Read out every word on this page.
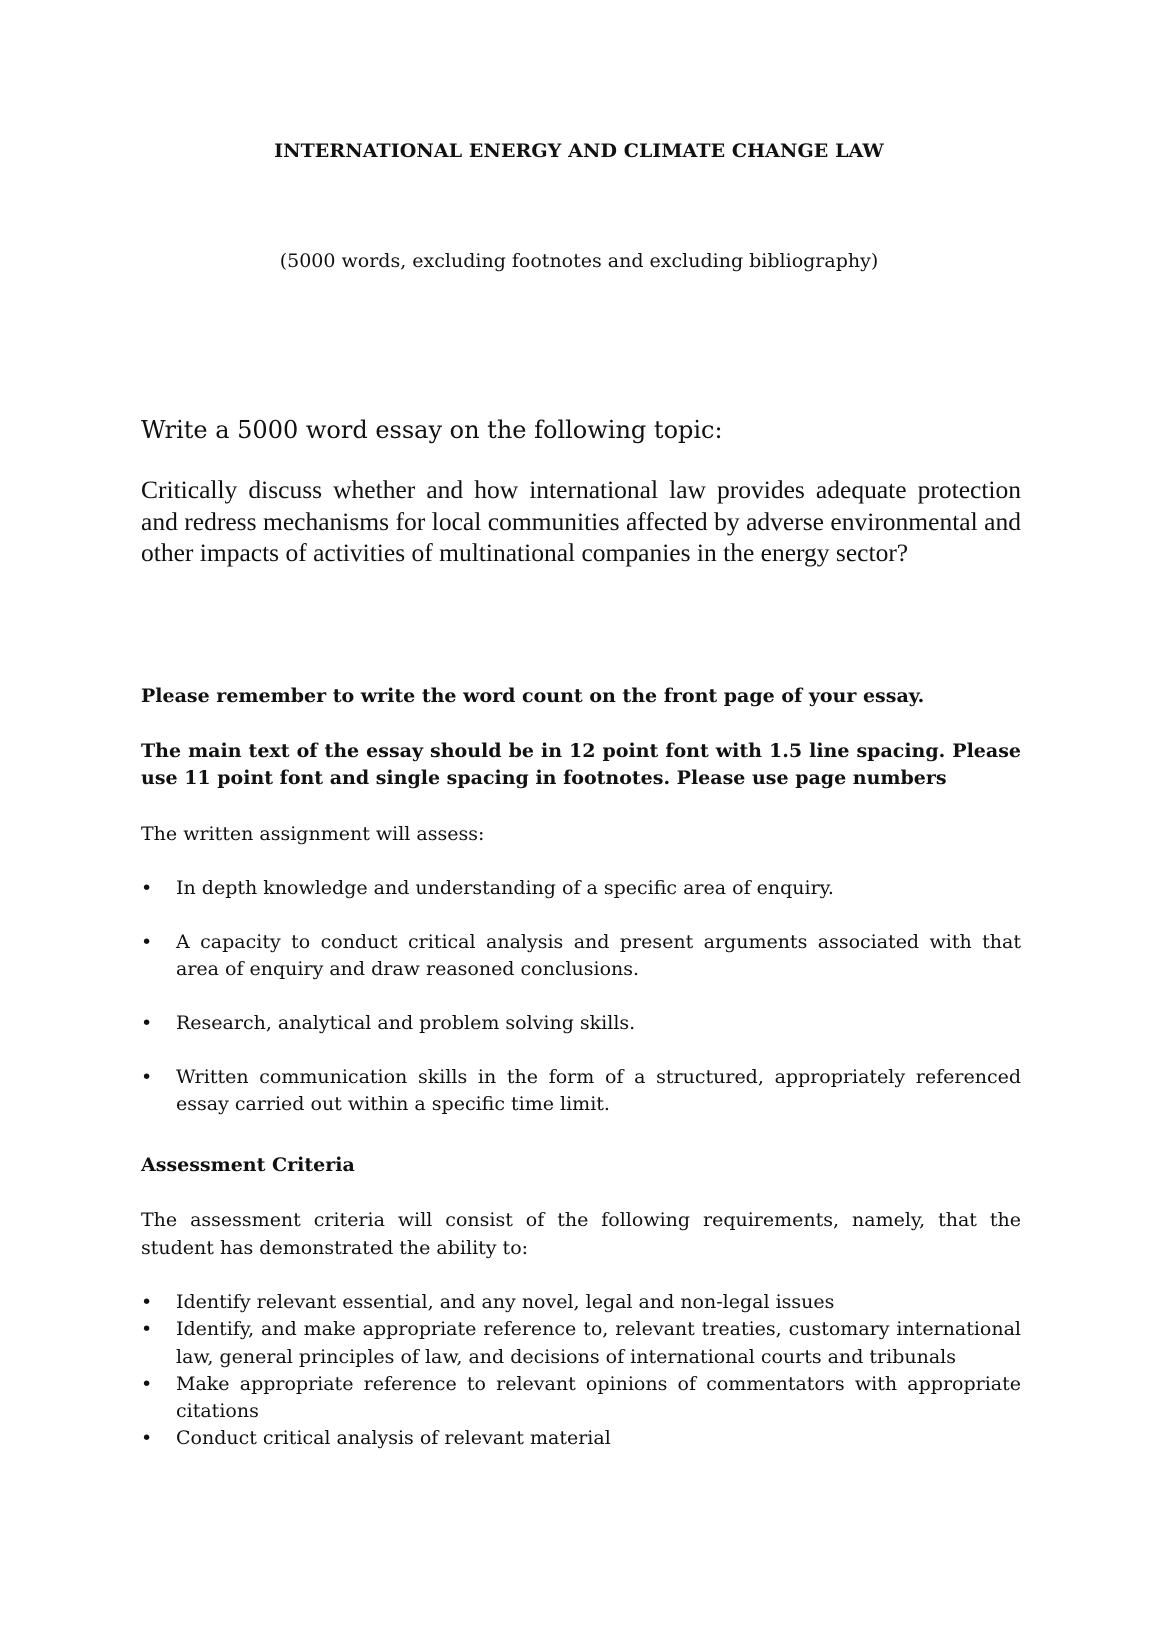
INTERNATIONAL ENERGY AND CLIMATE CHANGE LAW
(5000 words, excluding footnotes and excluding bibliography)
Write a 5000 word essay on the following topic:
Critically discuss whether and how international law provides adequate protection and redress mechanisms for local communities affected by adverse environmental and other impacts of activities of multinational companies in the energy sector?
Please remember to write the word count on the front page of your essay.
The main text of the essay should be in 12 point font with 1.5 line spacing. Please use 11 point font and single spacing in footnotes. Please use page numbers
The written assignment will assess:
• In depth knowledge and understanding of a specific area of enquiry.
• A capacity to conduct critical analysis and present arguments associated with that area of enquiry and draw reasoned conclusions.
• Research, analytical and problem solving skills.
• Written communication skills in the form of a structured, appropriately referenced essay carried out within a specific time limit.
Assessment Criteria
The assessment criteria will consist of the following requirements, namely, that the student has demonstrated the ability to:
• Identify relevant essential, and any novel, legal and non-legal issues
• Identify, and make appropriate reference to, relevant treaties, customary international law, general principles of law, and decisions of international courts and tribunals
• Make appropriate reference to relevant opinions of commentators with appropriate citations
• Conduct critical analysis of relevant material
